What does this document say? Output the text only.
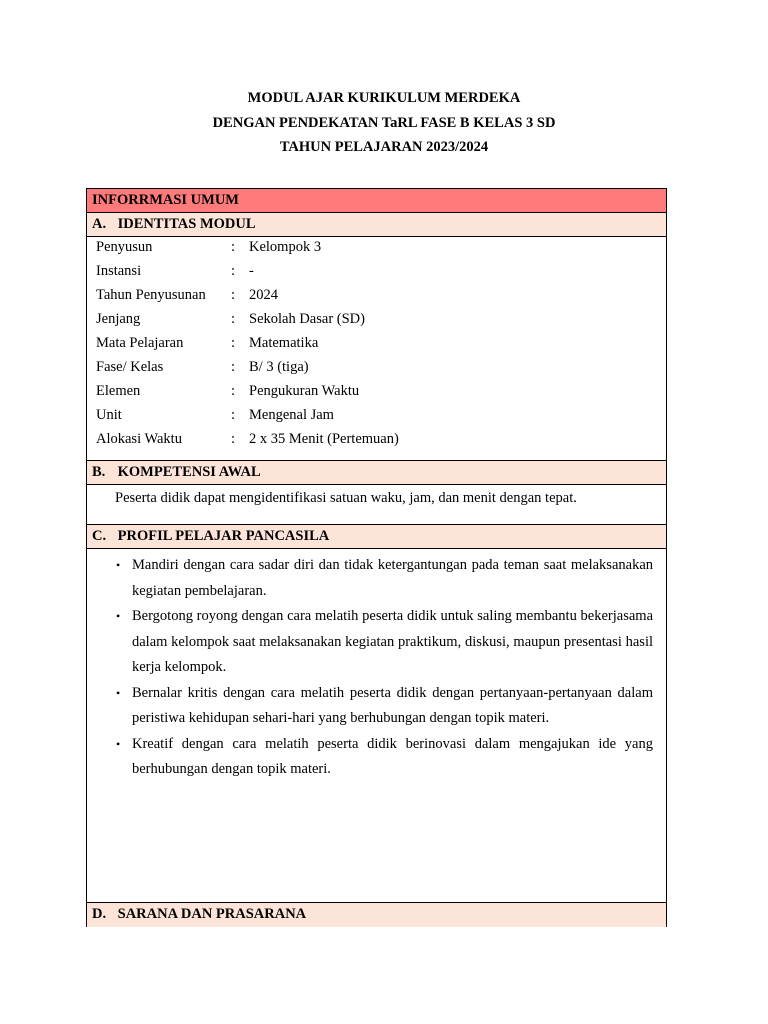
MODUL AJAR KURIKULUM MERDEKA
DENGAN PENDEKATAN TaRL FASE B KELAS 3 SD
TAHUN PELAJARAN 2023/2024
INFORRMASI UMUM
A. IDENTITAS MODUL
Penyusun	: Kelompok 3
Instansi	: -
Tahun Penyusunan	: 2024
Jenjang	: Sekolah Dasar (SD)
Mata Pelajaran	: Matematika
Fase/ Kelas	: B/ 3 (tiga)
Elemen	: Pengukuran Waktu
Unit	: Mengenal Jam
Alokasi Waktu	: 2 x 35 Menit (Pertemuan)
B. KOMPETENSI AWAL
Peserta didik dapat mengidentifikasi satuan waku, jam, dan menit dengan tepat.
C. PROFIL PELAJAR PANCASILA
• Mandiri dengan cara sadar diri dan tidak ketergantungan pada teman saat melaksanakan kegiatan pembelajaran.
• Bergotong royong dengan cara melatih peserta didik untuk saling membantu bekerjasama dalam kelompok saat melaksanakan kegiatan praktikum, diskusi, maupun presentasi hasil kerja kelompok.
• Bernalar kritis dengan cara melatih peserta didik dengan pertanyaan-pertanyaan dalam peristiwa kehidupan sehari-hari yang berhubungan dengan topik materi.
• Kreatif dengan cara melatih peserta didik berinovasi dalam mengajukan ide yang berhubungan dengan topik materi.
D. SARANA DAN PRASARANA
